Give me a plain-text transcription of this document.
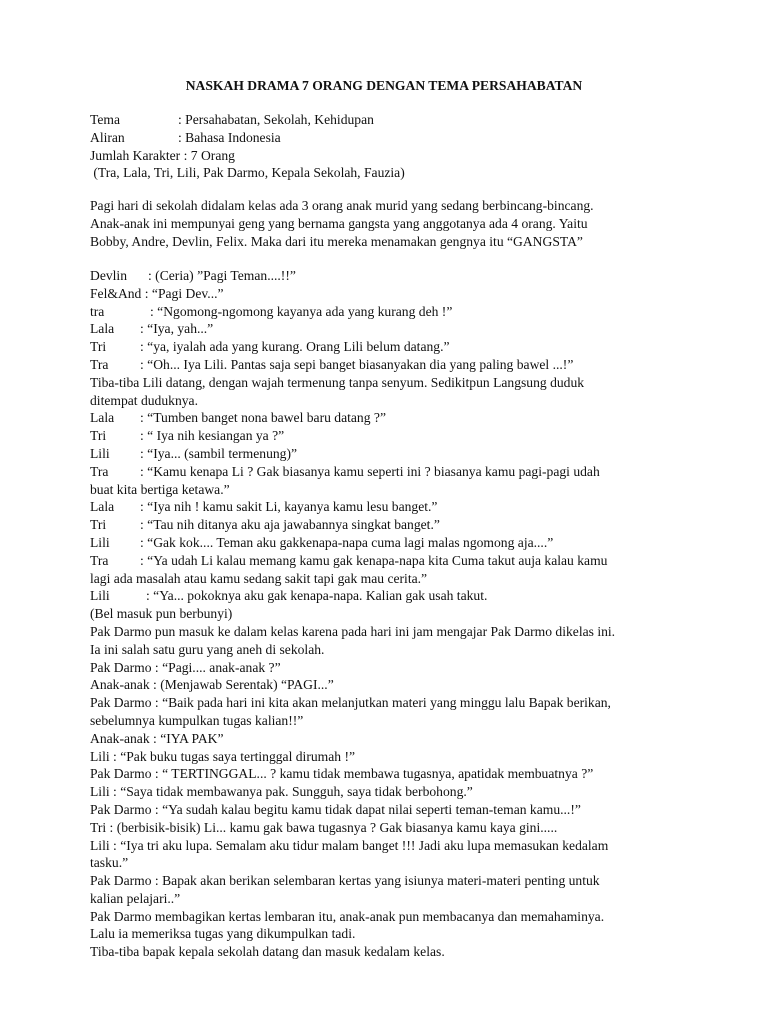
NASKAH DRAMA 7 ORANG DENGAN TEMA PERSAHABATAN
Tema	: Persahabatan, Sekolah, Kehidupan
Aliran	: Bahasa Indonesia
Jumlah Karakter : 7 Orang
(Tra, Lala, Tri, Lili, Pak Darmo, Kepala Sekolah, Fauzia)
Pagi hari di sekolah didalam kelas ada 3 orang anak murid yang sedang berbincang-bincang.
Anak-anak ini mempunyai geng yang bernama gangsta yang anggotanya ada 4 orang. Yaitu
Bobby, Andre, Devlin, Felix. Maka dari itu mereka menamakan gengnya itu “GANGSTA”
Devlin : (Ceria) ”Pagi Teman....!!”
Fel&And : “Pagi Dev...”
tra	: “Ngomong-ngomong kayanya ada yang kurang deh !”
Lala : “Iya, yah...”
Tri : “ya, iyalah ada yang kurang. Orang Lili belum datang.”
Tra : “Oh... Iya Lili. Pantas saja sepi banget biasanyakan dia yang paling bawel ...!”
Tiba-tiba Lili datang, dengan wajah termenung tanpa senyum. Sedikitpun Langsung duduk
ditempat duduknya.
Lala : “Tumben banget nona bawel baru datang ?”
Tri : “ Iya nih kesiangan ya ?”
Lili : “Iya... (sambil termenung)”
Tra : “Kamu kenapa Li ? Gak biasanya kamu seperti ini ? biasanya kamu pagi-pagi udah
buat kita bertiga ketawa.”
Lala : “Iya nih ! kamu sakit Li, kayanya kamu lesu banget.”
Tri : “Tau nih ditanya aku aja jawabannya singkat banget.”
Lili : “Gak kok.... Teman aku gakkenapa-napa cuma lagi malas ngomong aja....”
Tra : “Ya udah Li kalau memang kamu gak kenapa-napa kita Cuma takut auja kalau kamu
lagi ada masalah atau kamu sedang sakit tapi gak mau cerita.”
Lili	: “Ya... pokoknya aku gak kenapa-napa. Kalian gak usah takut.
(Bel masuk pun berbunyi)
Pak Darmo pun masuk ke dalam kelas karena pada hari ini jam mengajar Pak Darmo dikelas ini.
Ia ini salah satu guru yang aneh di sekolah.
Pak Darmo : “Pagi.... anak-anak ?”
Anak-anak : (Menjawab Serentak) “PAGI...”
Pak Darmo : “Baik pada hari ini kita akan melanjutkan materi yang minggu lalu Bapak berikan,
sebelumnya kumpulkan tugas kalian!!”
Anak-anak : “IYA PAK”
Lili : “Pak buku tugas saya tertinggal dirumah !”
Pak Darmo : “ TERTINGGAL... ? kamu tidak membawa tugasnya, apatidak membuatnya ?”
Lili : “Saya tidak membawanya pak. Sungguh, saya tidak berbohong.”
Pak Darmo : “Ya sudah kalau begitu kamu tidak dapat nilai seperti teman-teman kamu...!”
Tri : (berbisik-bisik) Li... kamu gak bawa tugasnya ? Gak biasanya kamu kaya gini.....
Lili : “Iya tri aku lupa. Semalam aku tidur malam banget !!! Jadi aku lupa memasukan kedalam
tasku.”
Pak Darmo : Bapak akan berikan selembaran kertas yang isiunya materi-materi penting untuk
kalian pelajari..”
Pak Darmo membagikan kertas lembaran itu, anak-anak pun membacanya dan memahaminya.
Lalu ia memeriksa tugas yang dikumpulkan tadi.
Tiba-tiba bapak kepala sekolah datang dan masuk kedalam kelas.
